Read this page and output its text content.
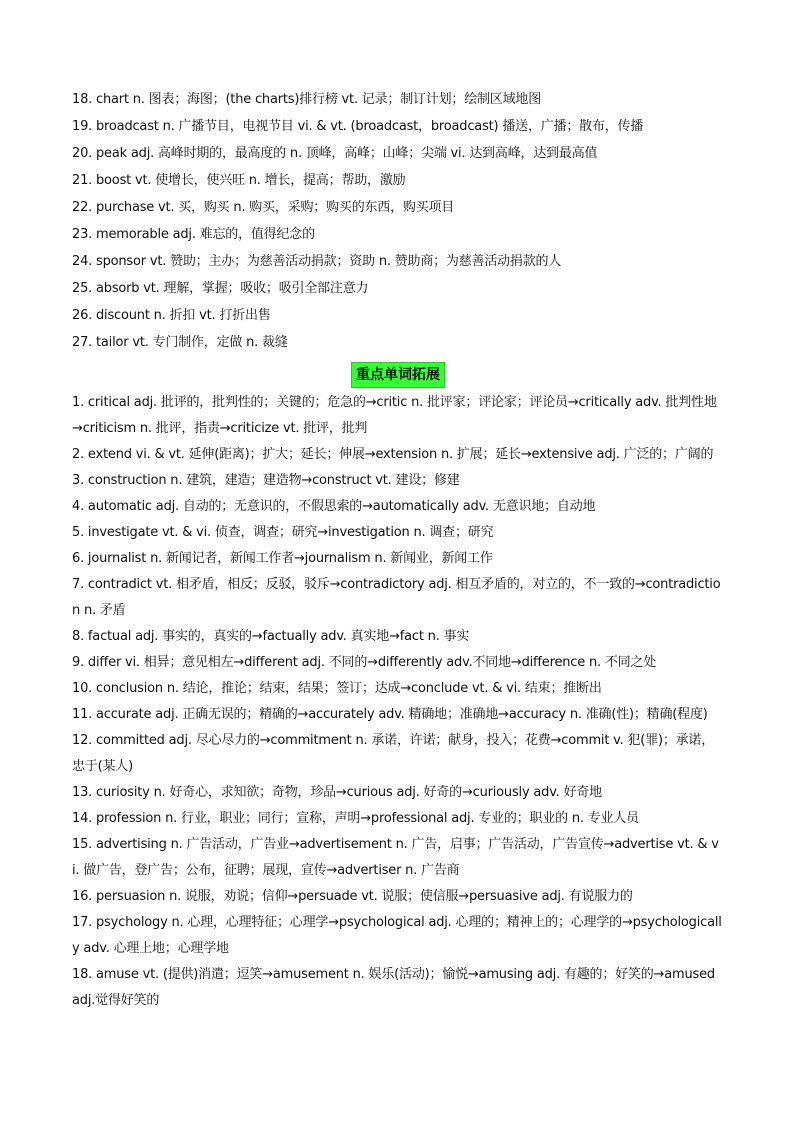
18. chart n. 图表；海图；(the charts)排行榜 vt. 记录；制订计划；绘制区域地图
19. broadcast n. 广播节目，电视节目 vi. & vt. (broadcast，broadcast) 播送，广播；散布，传播
20. peak adj. 高峰时期的，最高度的 n. 顶峰，高峰；山峰；尖端 vi. 达到高峰，达到最高值
21. boost vt. 使增长，使兴旺 n. 增长，提高；帮助，激励
22. purchase vt. 买，购买 n. 购买，采购；购买的东西，购买项目
23. memorable adj. 难忘的，值得纪念的
24. sponsor vt. 赞助；主办；为慈善活动捐款；资助 n. 赞助商；为慈善活动捐款的人
25. absorb vt. 理解，掌握；吸收；吸引全部注意力
26. discount n. 折扣 vt. 打折出售
27. tailor vt. 专门制作，定做 n. 裁缝
重点单词拓展
1. critical adj. 批评的，批判性的；关键的；危急的→critic n. 批评家；评论家；评论员→critically adv. 批判性地→criticism n. 批评，指责→criticize vt. 批评，批判
2. extend vi. & vt. 延伸(距离)；扩大；延长；伸展→extension n. 扩展；延长→extensive adj. 广泛的；广阔的
3. construction n. 建筑，建造；建造物→construct vt. 建设；修建
4. automatic adj. 自动的；无意识的，不假思索的→automatically adv. 无意识地；自动地
5. investigate vt. & vi. 侦查，调查；研究→investigation n. 调查；研究
6. journalist n. 新闻记者，新闻工作者→journalism n. 新闻业，新闻工作
7. contradict vt. 相矛盾，相反；反驳，驳斥→contradictory adj. 相互矛盾的，对立的，不一致的→contradiction n. 矛盾
8. factual adj. 事实的，真实的→factually adv. 真实地→fact n. 事实
9. differ vi. 相异；意见相左→different adj. 不同的→differently adv.不同地→difference n. 不同之处
10. conclusion n. 结论，推论；结束，结果；签订；达成→conclude vt. & vi. 结束；推断出
11. accurate adj. 正确无误的；精确的→accurately adv. 精确地；准确地→accuracy n. 准确(性)；精确(程度)
12. committed adj. 尽心尽力的→commitment n. 承诺，许诺；献身，投入；花费→commit v. 犯(罪)；承诺，忠于(某人)
13. curiosity n. 好奇心，求知欲；奇物，珍品→curious adj. 好奇的→curiously adv. 好奇地
14. profession n. 行业，职业；同行；宣称，声明→professional adj. 专业的；职业的 n. 专业人员
15. advertising n. 广告活动，广告业→advertisement n. 广告，启事；广告活动，广告宣传→advertise vt. & vi. 做广告，登广告；公布，征聘；展现，宣传→advertiser n. 广告商
16. persuasion n. 说服，劝说；信仰→persuade vt. 说服；使信服→persuasive adj. 有说服力的
17. psychology n. 心理，心理特征；心理学→psychological adj. 心理的；精神上的；心理学的→psychologically adv. 心理上地；心理学地
18. amuse vt. (提供)消遣；逗笑→amusement n. 娱乐(活动)；愉悦→amusing adj. 有趣的；好笑的→amused adj.觉得好笑的
